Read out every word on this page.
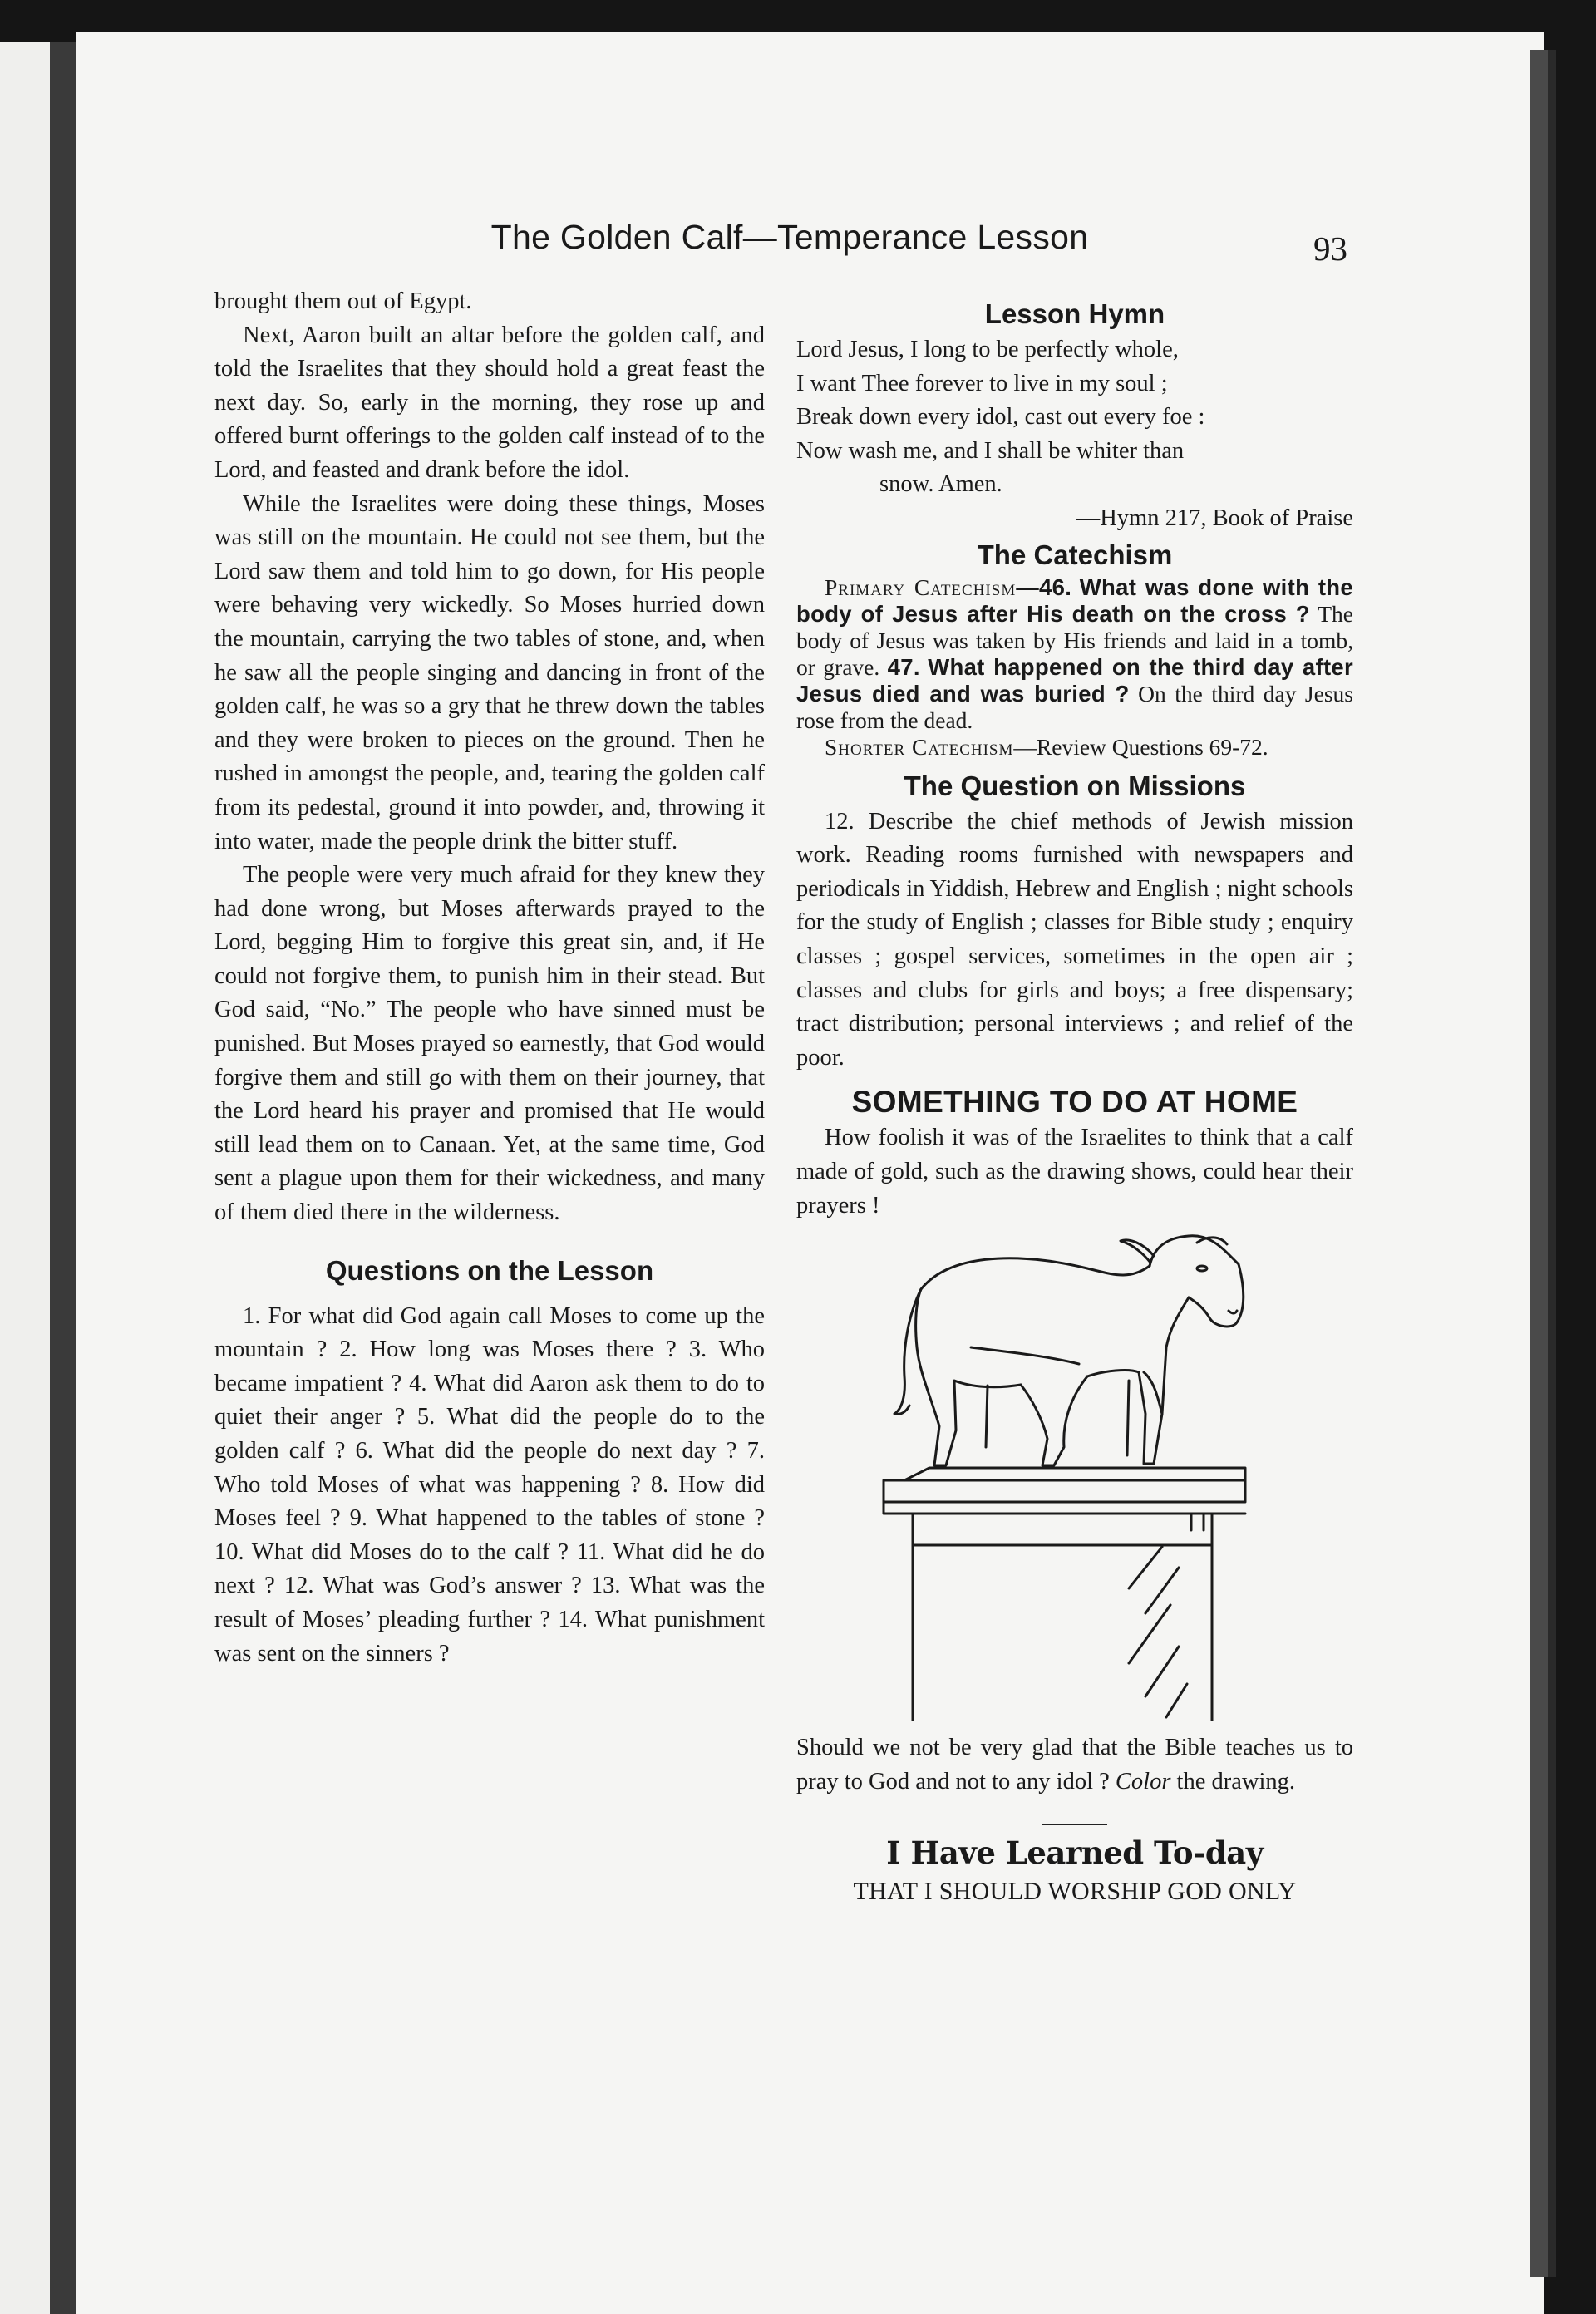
The Golden Calf—Temperance Lesson	93

brought them out of Egypt.

Next, Aaron built an altar before the golden calf, and told the Israelites that they should hold a great feast the next day. So, early in the morning, they rose up and offered burnt offerings to the golden calf instead of to the Lord, and feasted and drank before the idol.

While the Israelites were doing these things, Moses was still on the mountain. He could not see them, but the Lord saw them and told him to go down, for His people were behaving very wickedly. So Moses hurried down the mountain, carrying the two tables of stone, and, when he saw all the people singing and dancing in front of the golden calf, he was so a gry that he threw down the tables and they were broken to pieces on the ground. Then he rushed in amongst the people, and, tearing the golden calf from its pedestal, ground it into powder, and, throwing it into water, made the people drink the bitter stuff.

The people were very much afraid for they knew they had done wrong, but Moses afterwards prayed to the Lord, begging Him to forgive this great sin, and, if He could not forgive them, to punish him in their stead. But God said, “No.” The people who have sinned must be punished. But Moses prayed so earnestly, that God would forgive them and still go with them on their journey, that the Lord heard his prayer and promised that He would still lead them on to Canaan. Yet, at the same time, God sent a plague upon them for their wickedness, and many of them died there in the wilderness.

Questions on the Lesson

1. For what did God again call Moses to come up the mountain ? 2. How long was Moses there ? 3. Who became impatient ? 4. What did Aaron ask them to do to quiet their anger ? 5. What did the people do to the golden calf ? 6. What did the people do next day ? 7. Who told Moses of what was happening ? 8. How did Moses feel ? 9. What happened to the tables of stone ? 10. What did Moses do to the calf ? 11. What did he do next ? 12. What was God’s answer ? 13. What was the result of Moses’ pleading further ? 14. What punishment was sent on the sinners ?

Lesson Hymn
Lord Jesus, I long to be perfectly whole,
I want Thee forever to live in my soul ;
Break down every idol, cast out every foe :
Now wash me, and I shall be whiter than
snow. Amen.
—Hymn 217, Book of Praise
The Catechism

Primary Catechism—46. What was done with the body of Jesus after His death on the cross ? The body of Jesus was taken by His friends and laid in a tomb, or grave. 47. What happened on the third day after Jesus died and was buried ? On the third day Jesus rose from the dead.

Shorter Catechism—Review Questions 69-72.

The Question on Missions

12. Describe the chief methods of Jewish mission work. Reading rooms furnished with newspapers and periodicals in Yiddish, Hebrew and English ; night schools for the study of English ; classes for Bible study ; enquiry classes ; gospel services, sometimes in the open air ; classes and clubs for girls and boys; a free dispensary; tract distribution; personal interviews ; and relief of the poor.

SOMETHING TO DO AT HOME

How foolish it was of the Israelites to think that a calf made of gold, such as the drawing shows, could hear their prayers !

Should we not be very glad that the Bible teaches us to pray to God and not to any idol ? Color the drawing.

I Have Learned To-day
THAT I SHOULD WORSHIP GOD ONLY
